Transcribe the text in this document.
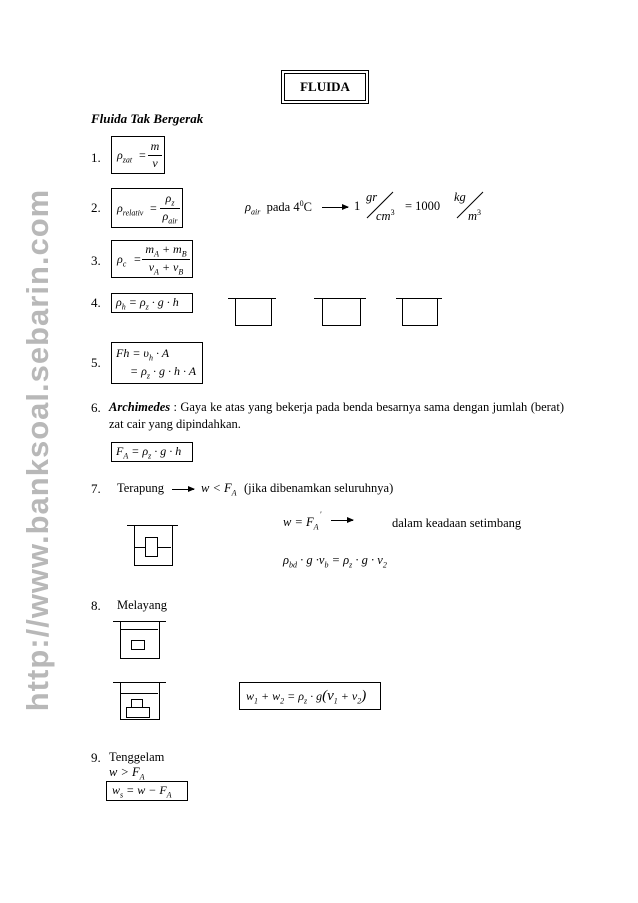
http://www.banksoal.sebarin.com
FLUIDA
Fluida Tak Bergerak
1.
2.
3.
4.
5.
6.
7.
8.
9.
$\rho_{zat}$ =
m
v
$\rho_{relativ}$ =
$\rho_z$
$\rho_{air}$
$\rho_{air}$ pada $4^0C$	1
gr
$cm^3 = 1000$
kg
$m^3$
$\rho_c$ =
$m_A + m_B$
$v_A + v_B$
$\rho_h = \rho_z \cdot g \cdot h$
$Fh = \upsilon_h \cdot A$
= $\rho_z \cdot g \cdot h \cdot A$
Archimedes : Gaya ke atas yang bekerja pada benda besarnya sama dengan jumlah (berat) zat cair yang dipindahkan.
$F_A = \rho_z \cdot g \cdot h$
Terapung	$w < F_A$ (jika dibenamkan seluruhnya)
$w = F_A'$
dalam keadaan setimbang
$\rho_{bd} \cdot g \cdot v_b = \rho_z \cdot g \cdot v_2$
Melayang
$w_1 + w_2 = \rho_z \cdot g(v_1 + v_2)$
Tenggelam
$w > F_A$
$w_s = w - F_A$
